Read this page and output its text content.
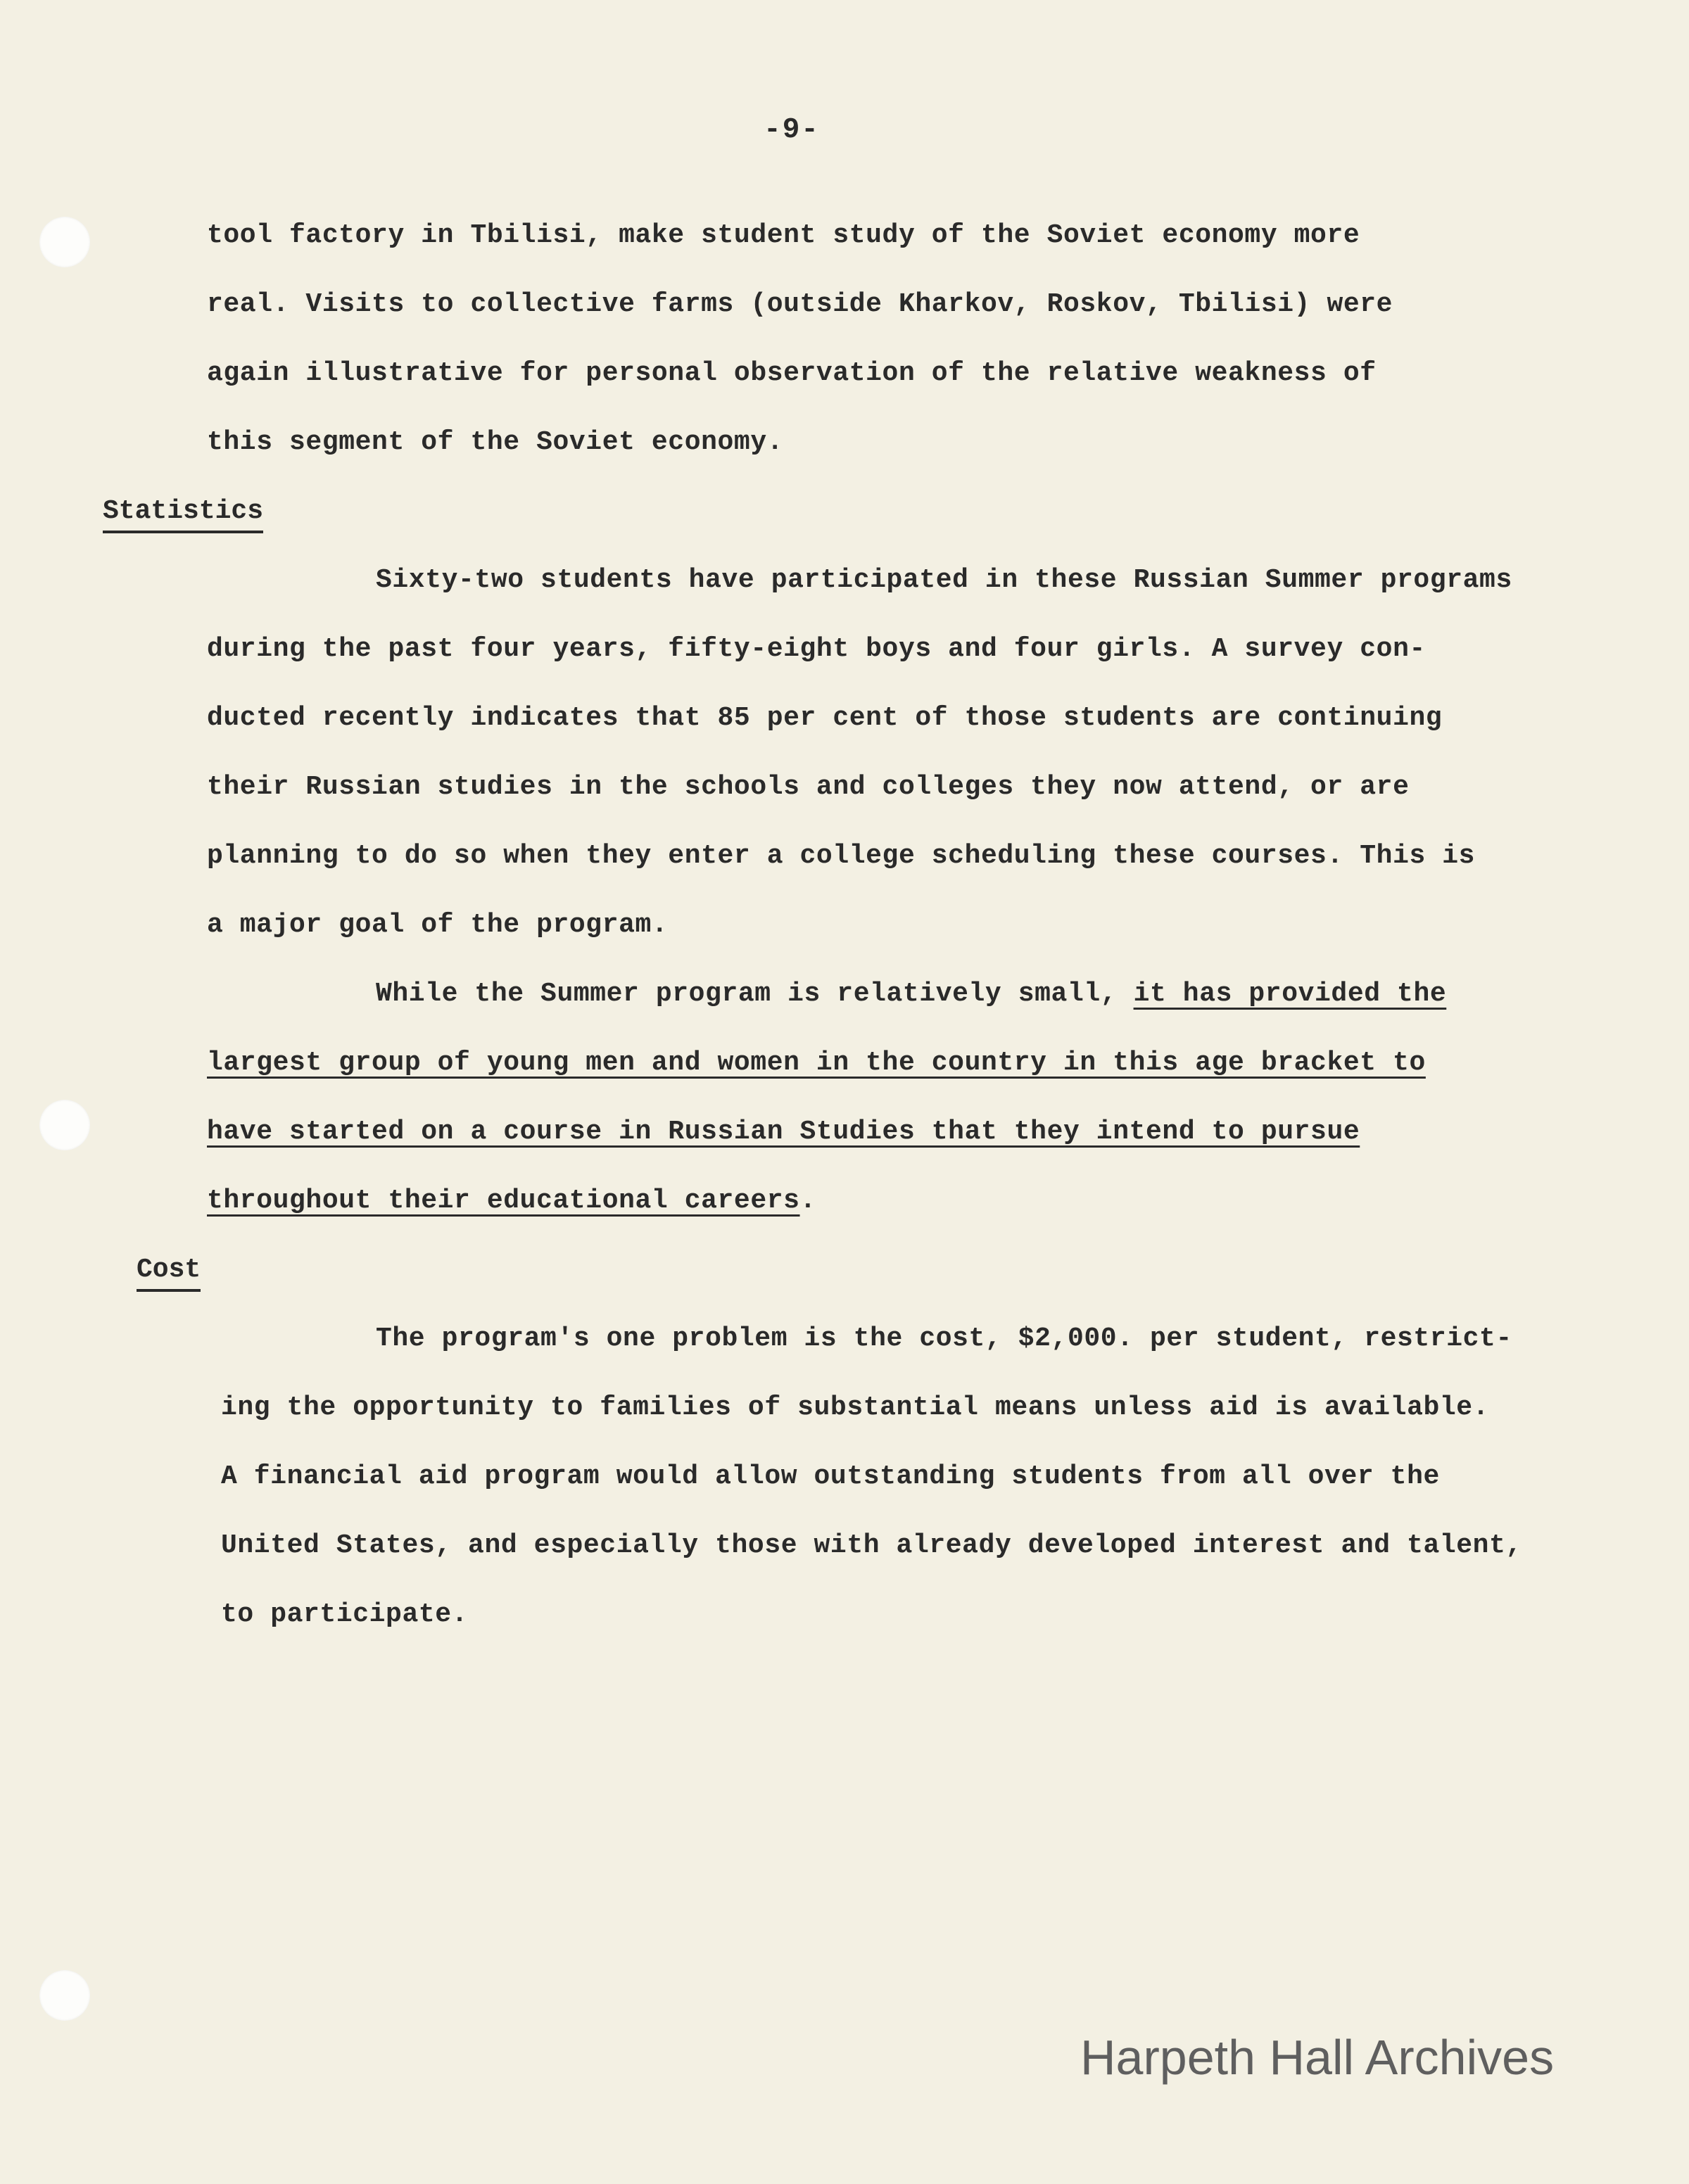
-9-
tool factory in Tbilisi, make student study of the Soviet economy more
real. Visits to collective farms (outside Kharkov, Roskov, Tbilisi) were
again illustrative for personal observation of the relative weakness of
this segment of the Soviet economy.
Statistics
Sixty-two students have participated in these Russian Summer programs
during the past four years, fifty-eight boys and four girls. A survey con-
ducted recently indicates that 85 per cent of those students are continuing
their Russian studies in the schools and colleges they now attend, or are
planning to do so when they enter a college scheduling these courses. This is
a major goal of the program.
While the Summer program is relatively small, it has provided the
largest group of young men and women in the country in this age bracket to
have started on a course in Russian Studies that they intend to pursue
throughout their educational careers.
Cost
The program's one problem is the cost, $2,000. per student, restrict-
ing the opportunity to families of substantial means unless aid is available.
A financial aid program would allow outstanding students from all over the
United States, and especially those with already developed interest and talent,
to participate.
Harpeth Hall Archives
